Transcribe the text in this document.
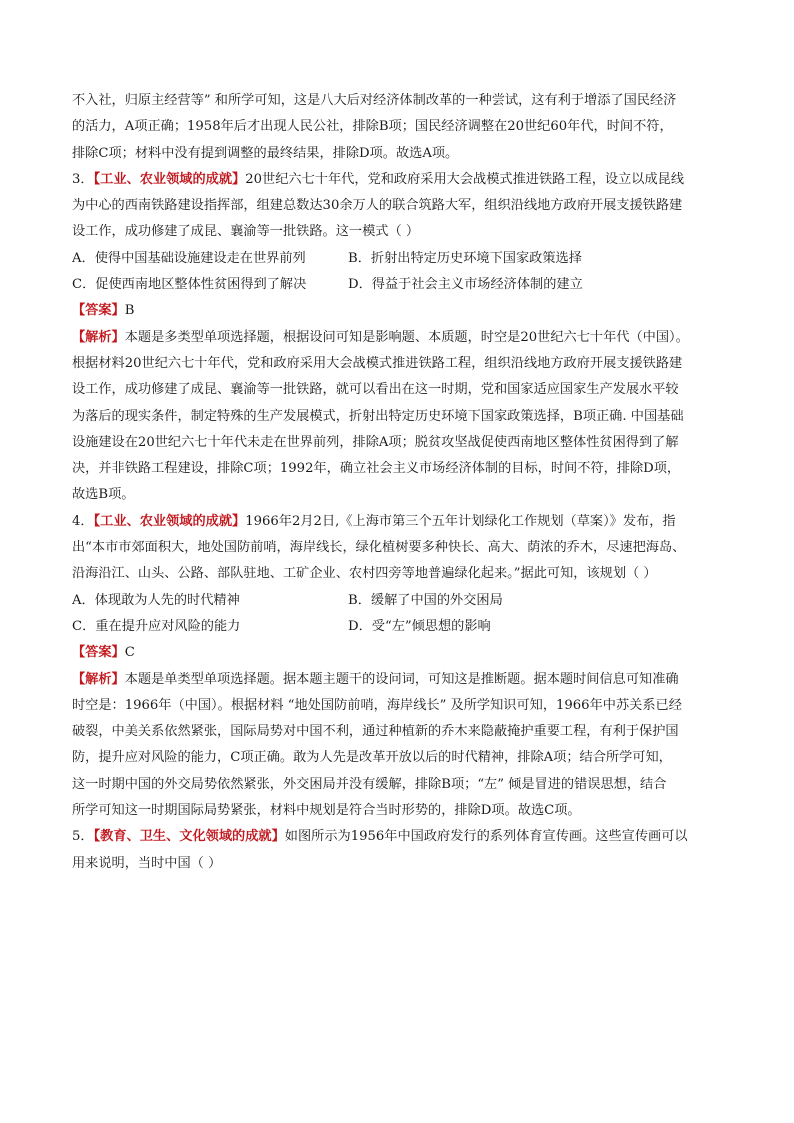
不入社，归原主经营等” 和所学可知，这是八大后对经济体制改革的一种尝试，这有利于增添了国民经济
的活力，A项正确；1958年后才出现人民公社，排除B项；国民经济调整在20世纪60年代，时间不符，
排除C项；材料中没有提到调整的最终结果，排除D项。故选A项。
3．【工业、农业领域的成就】20世纪六七十年代，党和政府采用大会战模式推进铁路工程，设立以成昆线
为中心的西南铁路建设指挥部，组建总数达30余万人的联合筑路大军，组织沿线地方政府开展支援铁路建
设工作，成功修建了成昆、襄渝等一批铁路。这一模式（ ）
A．使得中国基础设施建设走在世界前列	B．折射出特定历史环境下国家政策选择
C．促使西南地区整体性贫困得到了解决	D．得益于社会主义市场经济体制的建立
【答案】B
【解析】本题是多类型单项选择题，根据设问可知是影响题、本质题，时空是20世纪六七十年代（中国）。
根据材料20世纪六七十年代，党和政府采用大会战模式推进铁路工程，组织沿线地方政府开展支援铁路建
设工作，成功修建了成昆、襄渝等一批铁路，就可以看出在这一时期，党和国家适应国家生产发展水平较
为落后的现实条件，制定特殊的生产发展模式，折射出特定历史环境下国家政策选择，B项正确. 中国基础
设施建设在20世纪六七十年代未走在世界前列，排除A项；脱贫攻坚战促使西南地区整体性贫困得到了解
决，并非铁路工程建设，排除C项；1992年，确立社会主义市场经济体制的目标，时间不符，排除D项，
故选B项。
4．【工业、农业领域的成就】1966年2月2日,《上海市第三个五年计划绿化工作规划（草案）》发布，指
出“本市市郊面积大，地处国防前哨，海岸线长，绿化植树要多种快长、高大、荫浓的乔木，尽速把海岛、
沿海沿江、山头、公路、部队驻地、工矿企业、农村四旁等地普遍绿化起来。”据此可知，该规划（ ）
A．体现敢为人先的时代精神	B．缓解了中国的外交困局
C．重在提升应对风险的能力	D．受“左”倾思想的影响
【答案】C
【解析】本题是单类型单项选择题。据本题主题干的设问词，可知这是推断题。据本题时间信息可知准确
时空是：1966年（中国）。根据材料 “地处国防前哨，海岸线长” 及所学知识可知，1966年中苏关系已经
破裂，中美关系依然紧张，国际局势对中国不利，通过种植新的乔木来隐蔽掩护重要工程，有利于保护国
防，提升应对风险的能力，C项正确。敢为人先是改革开放以后的时代精神，排除A项；结合所学可知，
这一时期中国的外交局势依然紧张，外交困局并没有缓解，排除B项；“左” 倾是冒进的错误思想，结合
所学可知这一时期国际局势紧张，材料中规划是符合当时形势的，排除D项。故选C项。
5．【教育、卫生、文化领域的成就】如图所示为1956年中国政府发行的系列体育宣传画。这些宣传画可以
用来说明，当时中国（ ）
